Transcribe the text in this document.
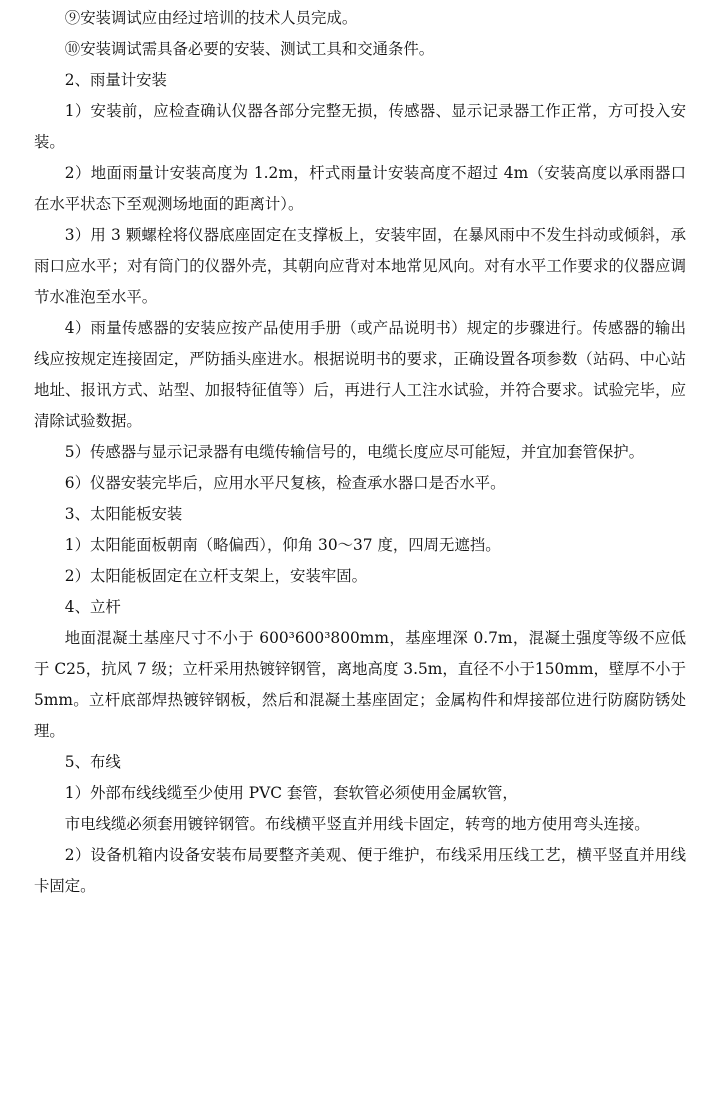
⑨安装调试应由经过培训的技术人员完成。

⑩安装调试需具备必要的安装、测试工具和交通条件。

2、雨量计安装

1）安装前，应检查确认仪器各部分完整无损，传感器、显示记录器工作正常，方可投入安装。

2）地面雨量计安装高度为 1.2m，杆式雨量计安装高度不超过 4m（安装高度以承雨器口在水平状态下至观测场地面的距离计）。

3）用 3 颗螺栓将仪器底座固定在支撑板上，安装牢固，在暴风雨中不发生抖动或倾斜，承雨口应水平；对有筒门的仪器外壳，其朝向应背对本地常见风向。对有水平工作要求的仪器应调节水准泡至水平。

4）雨量传感器的安装应按产品使用手册（或产品说明书）规定的步骤进行。传感器的输出线应按规定连接固定，严防插头座进水。根据说明书的要求，正确设置各项参数（站码、中心站地址、报讯方式、站型、加报特征值等）后，再进行人工注水试验，并符合要求。试验完毕，应清除试验数据。

5）传感器与显示记录器有电缆传输信号的，电缆长度应尽可能短，并宜加套管保护。

6）仪器安装完毕后，应用水平尺复核，检查承水器口是否水平。

3、太阳能板安装

1）太阳能面板朝南（略偏西），仰角 30～37 度，四周无遮挡。

2）太阳能板固定在立杆支架上，安装牢固。

4、立杆

地面混凝土基座尺寸不小于 600³600³800mm，基座埋深 0.7m，混凝土强度等级不应低于 C25，抗风 7 级；立杆采用热镀锌钢管，离地高度 3.5m，直径不小于150mm，壁厚不小于 5mm。立杆底部焊热镀锌钢板，然后和混凝土基座固定；金属构件和焊接部位进行防腐防锈处理。

5、布线

1）外部布线线缆至少使用 PVC 套管，套软管必须使用金属软管，

市电线缆必须套用镀锌钢管。布线横平竖直并用线卡固定，转弯的地方使用弯头连接。

2）设备机箱内设备安装布局要整齐美观、便于维护，布线采用压线工艺，横平竖直并用线卡固定。
